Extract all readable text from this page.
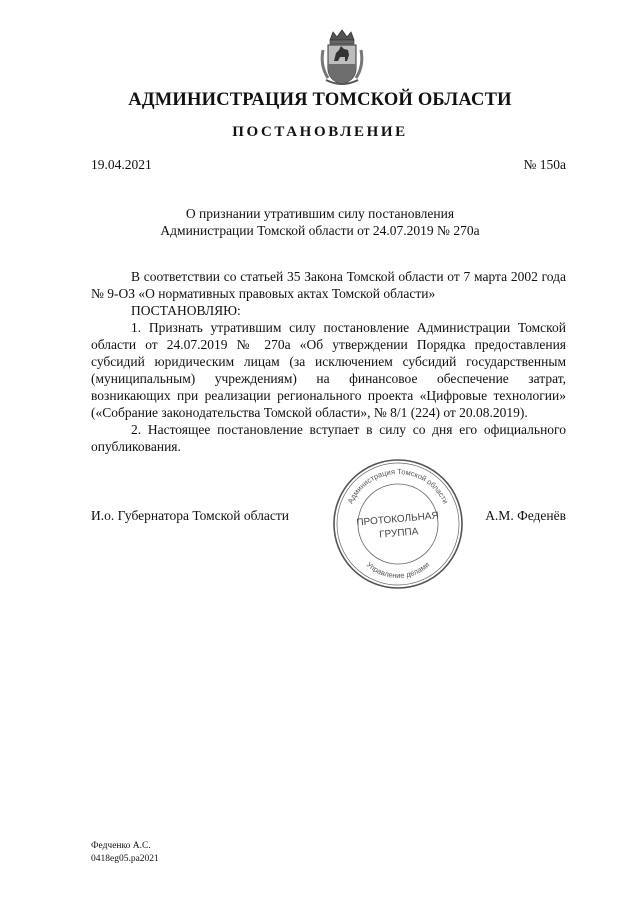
АДМИНИСТРАЦИЯ ТОМСКОЙ ОБЛАСТИ
ПОСТАНОВЛЕНИЕ
19.04.2021	№ 150а
О признании утратившим силу постановления
Администрации Томской области от 24.07.2019 № 270а

В соответствии со статьей 35 Закона Томской области от 7 марта 2002 года № 9-ОЗ «О нормативных правовых актах Томской области»

ПОСТАНОВЛЯЮ:

1. Признать утратившим силу постановление Администрации Томской области от 24.07.2019 № 270а «Об утверждении Порядка предоставления субсидий юридическим лицам (за исключением субсидий государственным (муниципальным) учреждениям) на финансовое обеспечение затрат, возникающих при реализации регионального проекта «Цифровые технологии» («Собрание законодательства Томской области», № 8/1 (224) от 20.08.2019).

2. Настоящее постановление вступает в силу со дня его официального опубликования.

И.о. Губернатора Томской области	А.М. Феденёв
Администрация Томской области
Управление делами
ПРОТОКОЛЬНАЯ
ГРУППА
Федченко А.С.
0418eg05.ра2021
